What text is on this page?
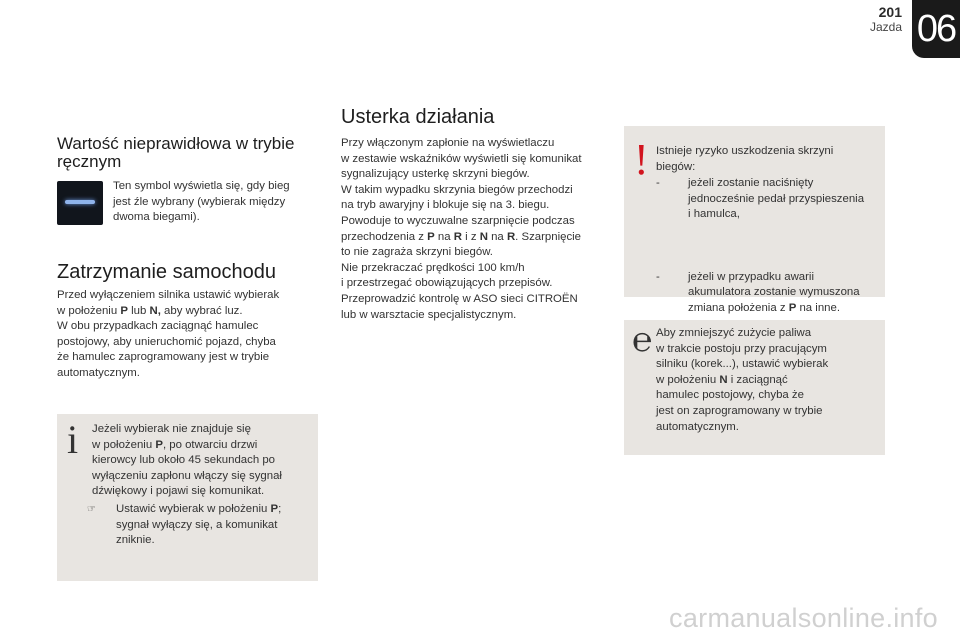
201
Jazda 06
Wartość nieprawidłowa w trybie ręcznym
Ten symbol wyświetla się, gdy bieg
jest źle wybrany (wybierak między
dwoma biegami).
Zatrzymanie samochodu
Przed wyłączeniem silnika ustawić wybierak
w położeniu P lub N, aby wybrać luz.
W obu przypadkach zaciągnąć hamulec
postojowy, aby unieruchomić pojazd, chyba
że hamulec zaprogramowany jest w trybie
automatycznym.
i Jeżeli wybierak nie znajduje się
w położeniu P, po otwarciu drzwi
kierowcy lub około 45 sekundach po
wyłączeniu zapłonu włączy się sygnał
dźwiękowy i pojawi się komunikat.
☞ Ustawić wybierak w położeniu P;
sygnał wyłączy się, a komunikat
zniknie.
Usterka działania
Przy włączonym zapłonie na wyświetlaczu
w zestawie wskaźników wyświetli się komunikat
sygnalizujący usterkę skrzyni biegów.
W takim wypadku skrzynia biegów przechodzi
na tryb awaryjny i blokuje się na 3. biegu.
Powoduje to wyczuwalne szarpnięcie podczas
przechodzenia z P na R i z N na R. Szarpnięcie
to nie zagraża skrzyni biegów.
Nie przekraczać prędkości 100 km/h
i przestrzegać obowiązujących przepisów.
Przeprowadzić kontrolę w ASO sieci CITROËN
lub w warsztacie specjalistycznym.
! Istnieje ryzyko uszkodzenia skrzyni
biegów:
- jeżeli zostanie naciśnięty
jednocześnie pedał przyspieszenia
i hamulca,
- jeżeli w przypadku awarii
akumulatora zostanie wymuszona
zmiana położenia z P na inne.
℮ Aby zmniejszyć zużycie paliwa
w trakcie postoju przy pracującym
silniku (korek...), ustawić wybierak
w położeniu N i zaciągnąć
hamulec postojowy, chyba że
jest on zaprogramowany w trybie
automatycznym.
carmanualsonline.info
